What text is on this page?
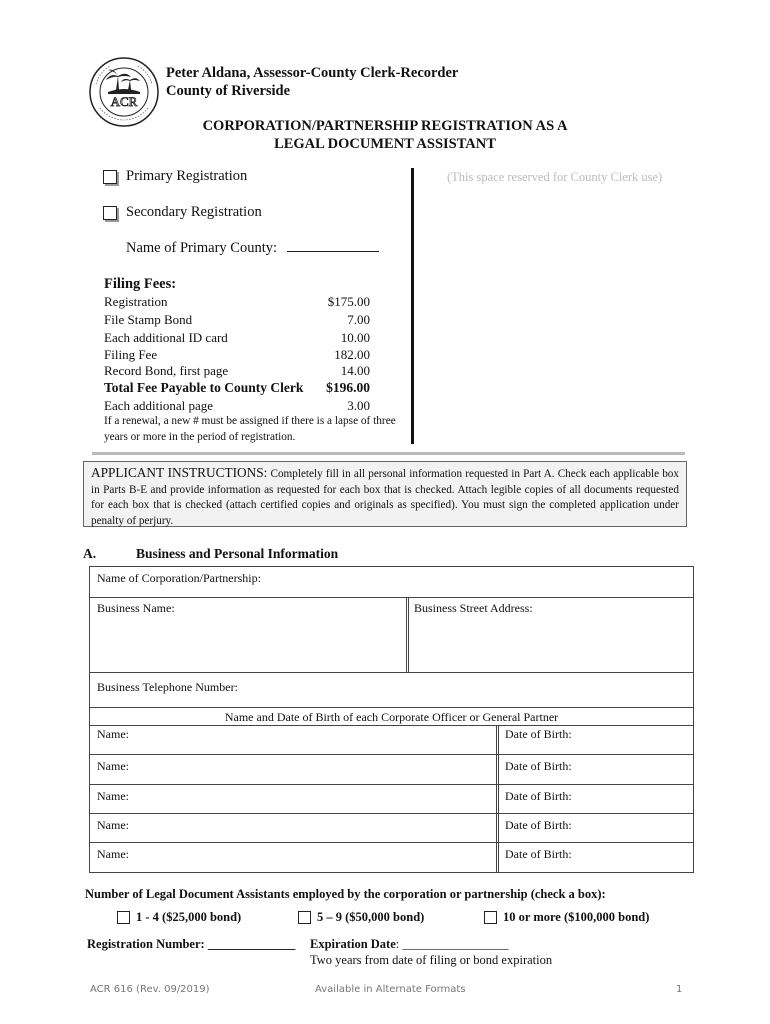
ACR
Peter Aldana, Assessor-County Clerk-Recorder
County of Riverside
CORPORATION/PARTNERSHIP REGISTRATION AS A
LEGAL DOCUMENT ASSISTANT
Primary Registration
Secondary Registration
Name of Primary County:
(This space reserved for County Clerk use)
Filing Fees:
Registration	$175.00
File Stamp Bond	7.00
Each additional ID card	10.00
Filing Fee	182.00
Record Bond, first page	14.00
Total Fee Payable to County Clerk $196.00
Each additional page	3.00
If a renewal, a new # must be assigned if there is a lapse of three years or more in the period of registration.
APPLICANT INSTRUCTIONS: Completely fill in all personal information requested in Part A. Check each applicable box in Parts B-E and provide information as requested for each box that is checked. Attach legible copies of all documents requested for each box that is checked (attach certified copies and originals as specified). You must sign the completed application under penalty of perjury.
A.	Business and Personal Information
Name of Corporation/Partnership:
Business Name:	Business Street Address:
Business Telephone Number:
Name and Date of Birth of each Corporate Officer or General Partner
Name:	Date of Birth:
Name:	Date of Birth:
Name:	Date of Birth:
Name:	Date of Birth:
Name:	Date of Birth:
Number of Legal Document Assistants employed by the corporation or partnership (check a box):
1 - 4 ($25,000 bond)	5 – 9 ($50,000 bond)	10 or more ($100,000 bond)
Registration Number: ______________ Expiration Date: _________________
Two years from date of filing or bond expiration
ACR 616 (Rev. 09/2019)	Available in Alternate Formats	1
